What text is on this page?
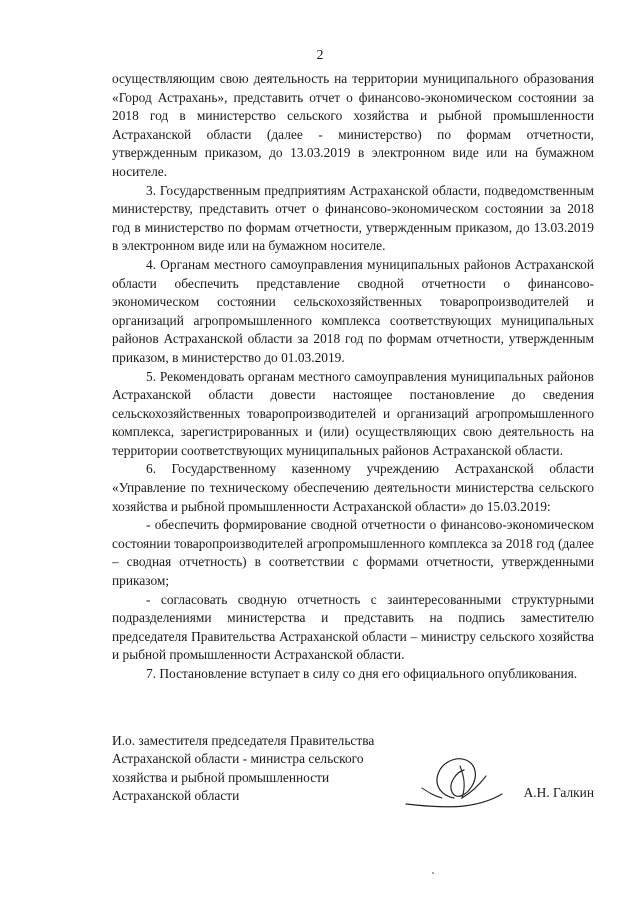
2

осуществляющим свою деятельность на территории муниципального образования «Город Астрахань», представить отчет о финансово-экономическом состоянии за 2018 год в министерство сельского хозяйства и рыбной промышленности Астраханской области (далее - министерство) по формам отчетности, утвержденным приказом, до 13.03.2019 в электронном виде или на бумажном носителе.

3. Государственным предприятиям Астраханской области, подведомственным министерству, представить отчет о финансово-экономическом состоянии за 2018 год в министерство по формам отчетности, утвержденным приказом, до 13.03.2019 в электронном виде или на бумажном носителе.

4. Органам местного самоуправления муниципальных районов Астраханской области обеспечить представление сводной отчетности о финансово-экономическом состоянии сельскохозяйственных товаропроизводителей и организаций агропромышленного комплекса соответствующих муниципальных районов Астраханской области за 2018 год по формам отчетности, утвержденным приказом, в министерство до 01.03.2019.

5. Рекомендовать органам местного самоуправления муниципальных районов Астраханской области довести настоящее постановление до сведения сельскохозяйственных товаропроизводителей и организаций агропромышленного комплекса, зарегистрированных и (или) осуществляющих свою деятельность на территории соответствующих муниципальных районов Астраханской области.

6. Государственному казенному учреждению Астраханской области «Управление по техническому обеспечению деятельности министерства сельского хозяйства и рыбной промышленности Астраханской области» до 15.03.2019:

- обеспечить формирование сводной отчетности о финансово-экономическом состоянии товаропроизводителей агропромышленного комплекса за 2018 год (далее – сводная отчетность) в соответствии с формами отчетности, утвержденными приказом;

- согласовать сводную отчетность с заинтересованными структурными подразделениями министерства и представить на подпись заместителю председателя Правительства Астраханской области – министру сельского хозяйства и рыбной промышленности Астраханской области.

7. Постановление вступает в силу со дня его официального опубликования.

И.о. заместителя председателя Правительства

Астраханской области - министра сельского

хозяйства и рыбной промышленности

Астраханской области	А.Н. Галкин
